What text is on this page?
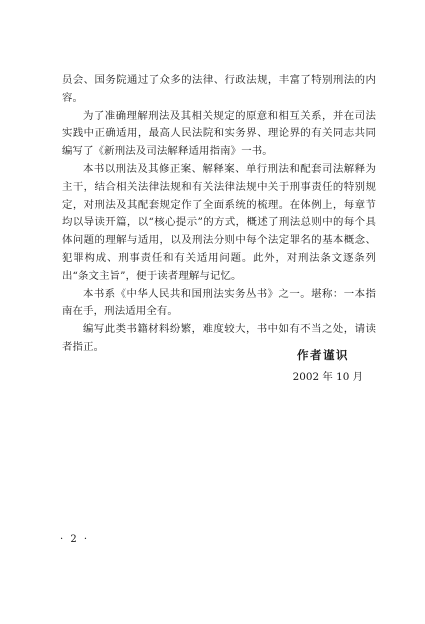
员会、国务院通过了众多的法律、行政法规，丰富了特别刑法的内容。

为了准确理解刑法及其相关规定的原意和相互关系，并在司法实践中正确适用，最高人民法院和实务界、理论界的有关同志共同编写了《新刑法及司法解释适用指南》一书。

本书以刑法及其修正案、解释案、单行刑法和配套司法解释为主干，结合相关法律法规和有关法律法规中关于刑事责任的特别规定，对刑法及其配套规定作了全面系统的梳理。在体例上，每章节均以导读开篇，以“核心提示”的方式，概述了刑法总则中的每个具体问题的理解与适用，以及刑法分则中每个法定罪名的基本概念、犯罪构成、刑事责任和有关适用问题。此外，对刑法条文逐条列出“条文主旨”，便于读者理解与记忆。

本书系《中华人民共和国刑法实务丛书》之一。堪称：一本指南在手，刑法适用全有。

编写此类书籍材料纷繁，难度较大，书中如有不当之处，请读者指正。

作者谨识
2002 年 10 月
· 2 ·
